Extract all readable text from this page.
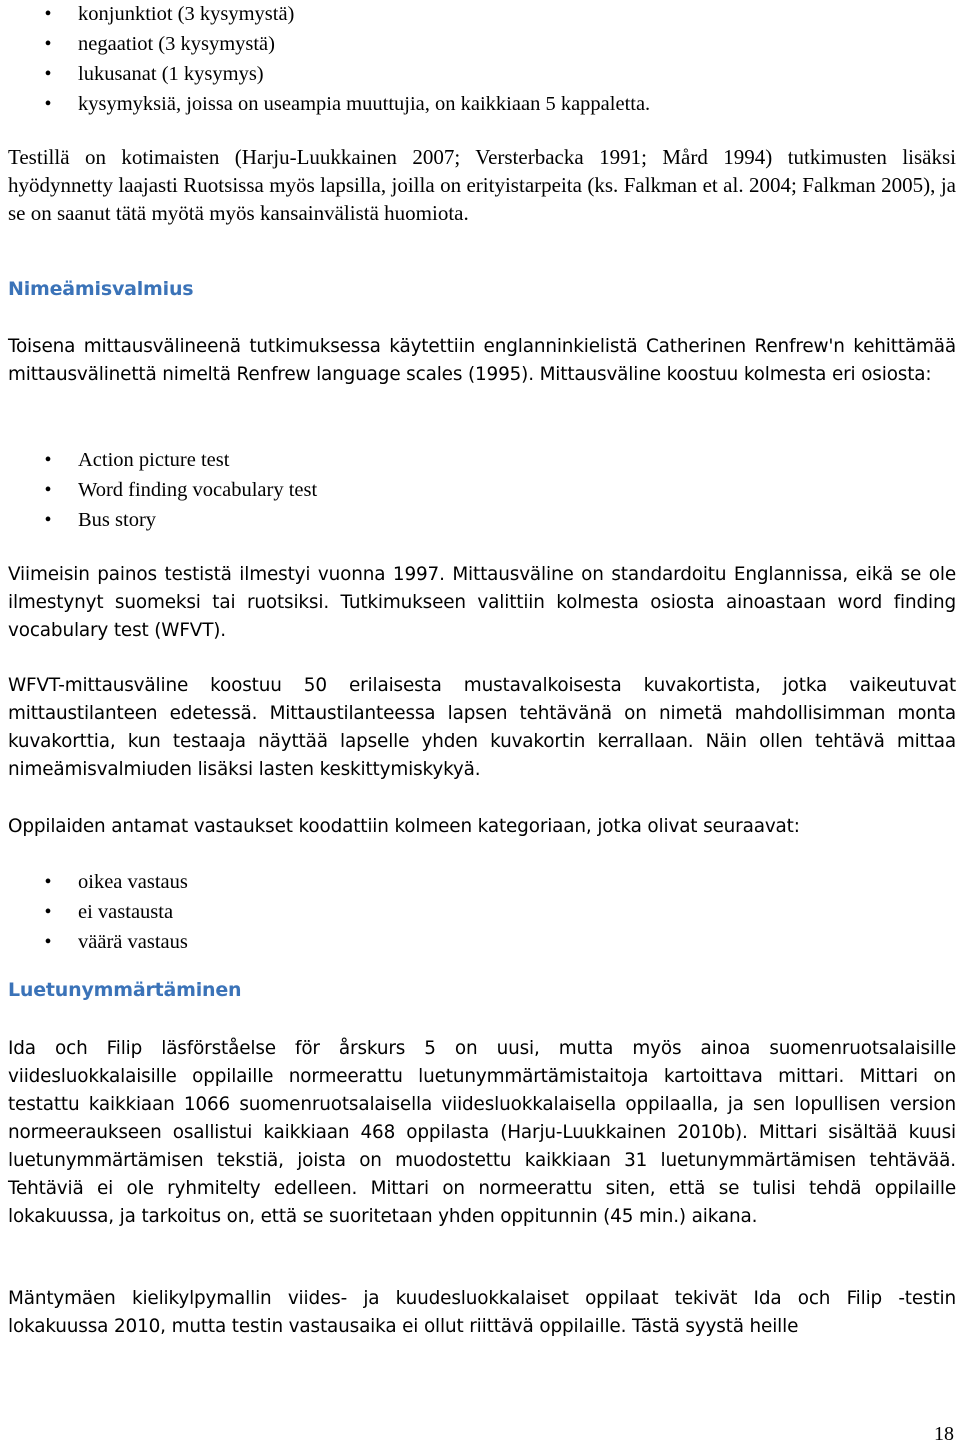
•	konjunktiot (3 kysymystä)
•	negaatiot (3 kysymystä)
•	lukusanat (1 kysymys)
•	kysymyksiä, joissa on useampia muuttujia, on kaikkiaan 5 kappaletta.

Testillä on kotimaisten (Harju-Luukkainen 2007; Versterbacka 1991; Mård 1994) tutkimusten lisäksi hyödynnetty laajasti Ruotsissa myös lapsilla, joilla on erityistarpeita (ks. Falkman et al. 2004; Falkman 2005), ja se on saanut tätä myötä myös kansainvälistä huomiota.

Nimeämisvalmius

Toisena mittausvälineenä tutkimuksessa käytettiin englanninkielistä Catherinen Renfrew'n kehittämää mittausvälinettä nimeltä Renfrew language scales (1995). Mittausväline koostuu kolmesta eri osiosta:

•	Action picture test
•	Word finding vocabulary test
•	Bus story

Viimeisin painos testistä ilmestyi vuonna 1997. Mittausväline on standardoitu Englannissa, eikä se ole ilmestynyt suomeksi tai ruotsiksi. Tutkimukseen valittiin kolmesta osiosta ainoastaan word finding vocabulary test (WFVT).

WFVT-mittausväline koostuu 50 erilaisesta mustavalkoisesta kuvakortista, jotka vaikeutuvat mittaustilanteen edetessä. Mittaustilanteessa lapsen tehtävänä on nimetä mahdollisimman monta kuvakorttia, kun testaaja näyttää lapselle yhden kuvakortin kerrallaan. Näin ollen tehtävä mittaa nimeämisvalmiuden lisäksi lasten keskittymiskykyä.

Oppilaiden antamat vastaukset koodattiin kolmeen kategoriaan, jotka olivat seuraavat:

•	oikea vastaus
•	ei vastausta
•	väärä vastaus
Luetunymmärtäminen

Ida och Filip läsförståelse för årskurs 5 on uusi, mutta myös ainoa suomenruotsalaisille viidesluokkalaisille oppilaille normeerattu luetunymmärtämistaitoja kartoittava mittari. Mittari on testattu kaikkiaan 1066 suomenruotsalaisella viidesluokkalaisella oppilaalla, ja sen lopullisen version normeeraukseen osallistui kaikkiaan 468 oppilasta (Harju-Luukkainen 2010b). Mittari sisältää kuusi luetunymmärtämisen tekstiä, joista on muodostettu kaikkiaan 31 luetunymmärtämisen tehtävää. Tehtäviä ei ole ryhmitelty edelleen. Mittari on normeerattu siten, että se tulisi tehdä oppilaille lokakuussa, ja tarkoitus on, että se suoritetaan yhden oppitunnin (45 min.) aikana.

Mäntymäen kielikylpymallin viides- ja kuudesluokkalaiset oppilaat tekivät Ida och Filip -testin lokakuussa 2010, mutta testin vastausaika ei ollut riittävä oppilaille. Tästä syystä heille

18
